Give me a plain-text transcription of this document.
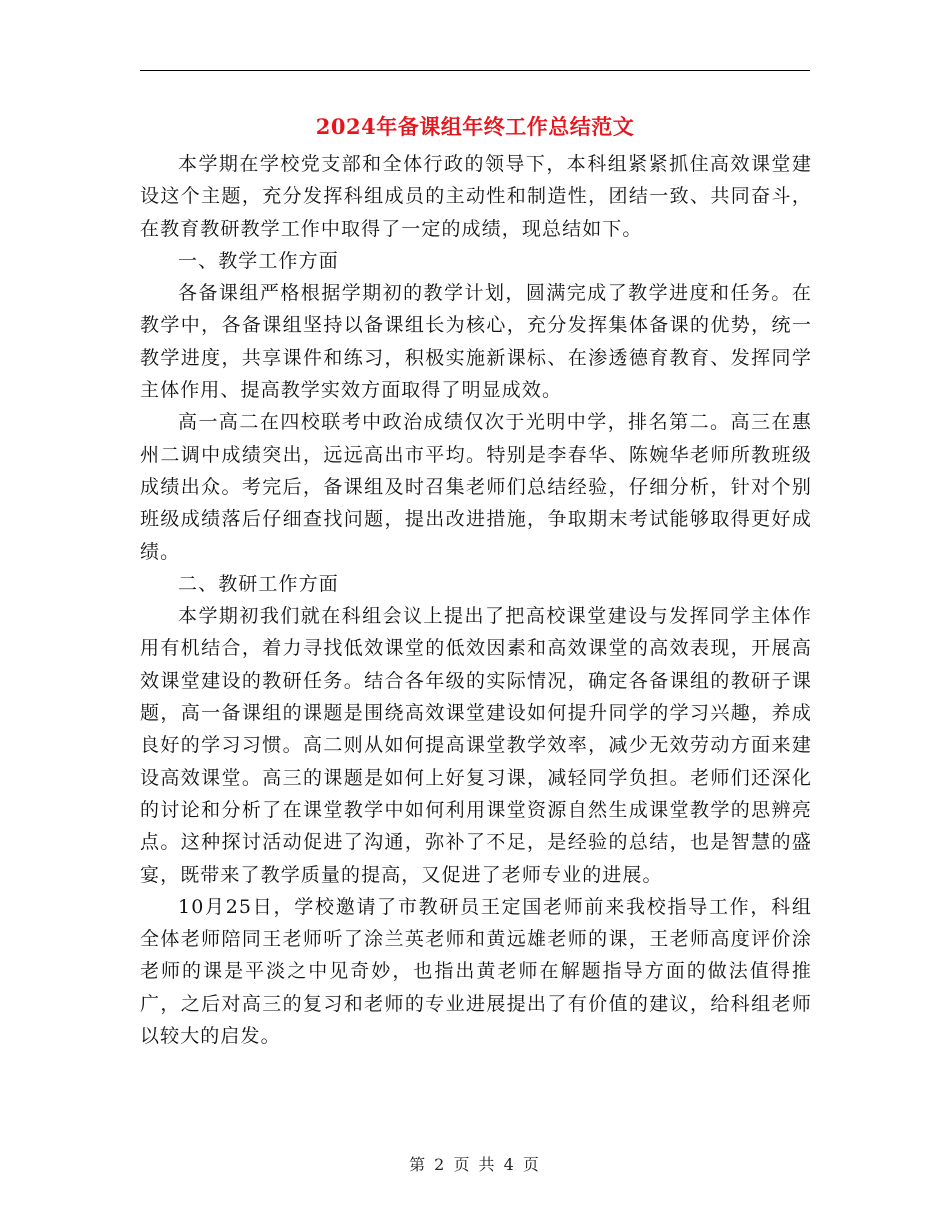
2024年备课组年终工作总结范文

本学期在学校党支部和全体行政的领导下，本科组紧紧抓住高效课堂建设这个主题，充分发挥科组成员的主动性和制造性，团结一致、共同奋斗，在教育教研教学工作中取得了一定的成绩，现总结如下。

一、教学工作方面

各备课组严格根据学期初的教学计划，圆满完成了教学进度和任务。在教学中，各备课组坚持以备课组长为核心，充分发挥集体备课的优势，统一教学进度，共享课件和练习，积极实施新课标、在渗透德育教育、发挥同学主体作用、提高教学实效方面取得了明显成效。

高一高二在四校联考中政治成绩仅次于光明中学，排名第二。高三在惠州二调中成绩突出，远远高出市平均。特别是李春华、陈婉华老师所教班级成绩出众。考完后，备课组及时召集老师们总结经验，仔细分析，针对个别班级成绩落后仔细查找问题，提出改进措施，争取期末考试能够取得更好成绩。

二、教研工作方面

本学期初我们就在科组会议上提出了把高校课堂建设与发挥同学主体作用有机结合，着力寻找低效课堂的低效因素和高效课堂的高效表现，开展高效课堂建设的教研任务。结合各年级的实际情况，确定各备课组的教研子课题，高一备课组的课题是围绕高效课堂建设如何提升同学的学习兴趣，养成良好的学习习惯。高二则从如何提高课堂教学效率，减少无效劳动方面来建设高效课堂。高三的课题是如何上好复习课，减轻同学负担。老师们还深化的讨论和分析了在课堂教学中如何利用课堂资源自然生成课堂教学的思辨亮点。这种探讨活动促进了沟通，弥补了不足，是经验的总结，也是智慧的盛宴，既带来了教学质量的提高，又促进了老师专业的进展。

10月25日，学校邀请了市教研员王定国老师前来我校指导工作，科组全体老师陪同王老师听了涂兰英老师和黄远雄老师的课，王老师高度评价涂老师的课是平淡之中见奇妙，也指出黄老师在解题指导方面的做法值得推广，之后对高三的复习和老师的专业进展提出了有价值的建议，给科组老师以较大的启发。

第 2 页 共 4 页
